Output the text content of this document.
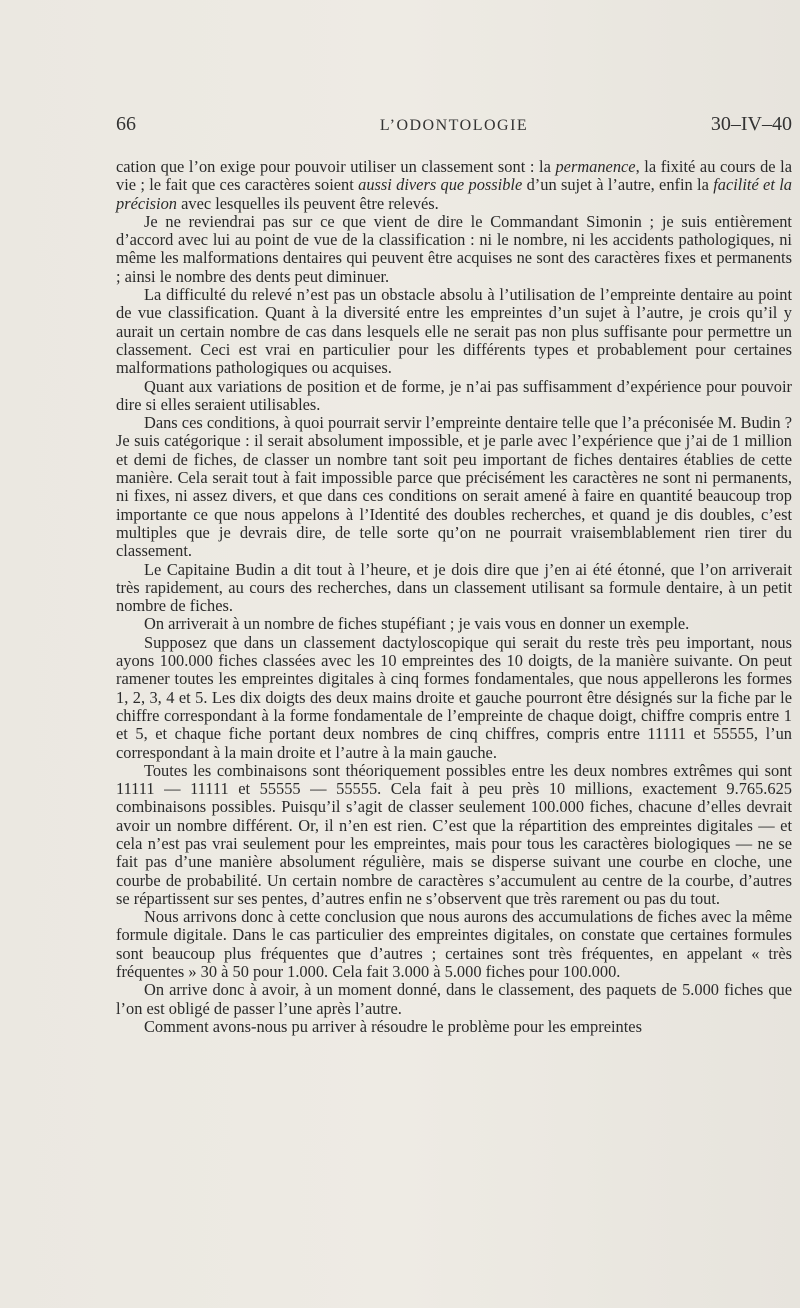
66	L’ODONTOLOGIE	30–IV–40

cation que l’on exige pour pouvoir utiliser un classement sont : la permanence, la fixité au cours de la vie ; le fait que ces caractères soient aussi divers que possible d’un sujet à l’autre, enfin la facilité et la précision avec lesquelles ils peuvent être relevés.

Je ne reviendrai pas sur ce que vient de dire le Commandant Simonin ; je suis entièrement d’accord avec lui au point de vue de la classification : ni le nombre, ni les accidents pathologiques, ni même les malformations dentaires qui peuvent être acquises ne sont des caractères fixes et permanents ; ainsi le nombre des dents peut diminuer.

La difficulté du relevé n’est pas un obstacle absolu à l’utilisation de l’empreinte dentaire au point de vue classification. Quant à la diversité entre les empreintes d’un sujet à l’autre, je crois qu’il y aurait un certain nombre de cas dans lesquels elle ne serait pas non plus suffisante pour permettre un classement. Ceci est vrai en particulier pour les différents types et probablement pour certaines malformations pathologiques ou acquises.

Quant aux variations de position et de forme, je n’ai pas suffisamment d’expérience pour pouvoir dire si elles seraient utilisables.

Dans ces conditions, à quoi pourrait servir l’empreinte dentaire telle que l’a préconisée M. Budin ? Je suis catégorique : il serait absolument impossible, et je parle avec l’expérience que j’ai de 1 million et demi de fiches, de classer un nombre tant soit peu important de fiches dentaires établies de cette manière. Cela serait tout à fait impossible parce que précisément les caractères ne sont ni permanents, ni fixes, ni assez divers, et que dans ces conditions on serait amené à faire en quantité beaucoup trop importante ce que nous appelons à l’Identité des doubles recherches, et quand je dis doubles, c’est multiples que je devrais dire, de telle sorte qu’on ne pourrait vraisemblablement rien tirer du classement.

Le Capitaine Budin a dit tout à l’heure, et je dois dire que j’en ai été étonné, que l’on arriverait très rapidement, au cours des recherches, dans un classement utilisant sa formule dentaire, à un petit nombre de fiches.

On arriverait à un nombre de fiches stupéfiant ; je vais vous en donner un exemple.

Supposez que dans un classement dactyloscopique qui serait du reste très peu important, nous ayons 100.000 fiches classées avec les 10 empreintes des 10 doigts, de la manière suivante. On peut ramener toutes les empreintes digitales à cinq formes fondamentales, que nous appellerons les formes 1, 2, 3, 4 et 5. Les dix doigts des deux mains droite et gauche pourront être désignés sur la fiche par le chiffre correspondant à la forme fondamentale de l’empreinte de chaque doigt, chiffre compris entre 1 et 5, et chaque fiche portant deux nombres de cinq chiffres, compris entre 11111 et 55555, l’un correspondant à la main droite et l’autre à la main gauche.

Toutes les combinaisons sont théoriquement possibles entre les deux nombres extrêmes qui sont 11111 — 11111 et 55555 — 55555. Cela fait à peu près 10 millions, exactement 9.765.625 combinaisons possibles. Puisqu’il s’agit de classer seulement 100.000 fiches, chacune d’elles devrait avoir un nombre différent. Or, il n’en est rien. C’est que la répartition des empreintes digitales — et cela n’est pas vrai seulement pour les empreintes, mais pour tous les caractères biologiques — ne se fait pas d’une manière absolument régulière, mais se disperse suivant une courbe en cloche, une courbe de probabilité. Un certain nombre de caractères s’accumulent au centre de la courbe, d’autres se répartissent sur ses pentes, d’autres enfin ne s’observent que très rarement ou pas du tout.

Nous arrivons donc à cette conclusion que nous aurons des accumulations de fiches avec la même formule digitale. Dans le cas particulier des empreintes digitales, on constate que certaines formules sont beaucoup plus fréquentes que d’autres ; certaines sont très fréquentes, en appelant « très fréquentes » 30 à 50 pour 1.000. Cela fait 3.000 à 5.000 fiches pour 100.000.

On arrive donc à avoir, à un moment donné, dans le classement, des paquets de 5.000 fiches que l’on est obligé de passer l’une après l’autre.

Comment avons-nous pu arriver à résoudre le problème pour les empreintes
